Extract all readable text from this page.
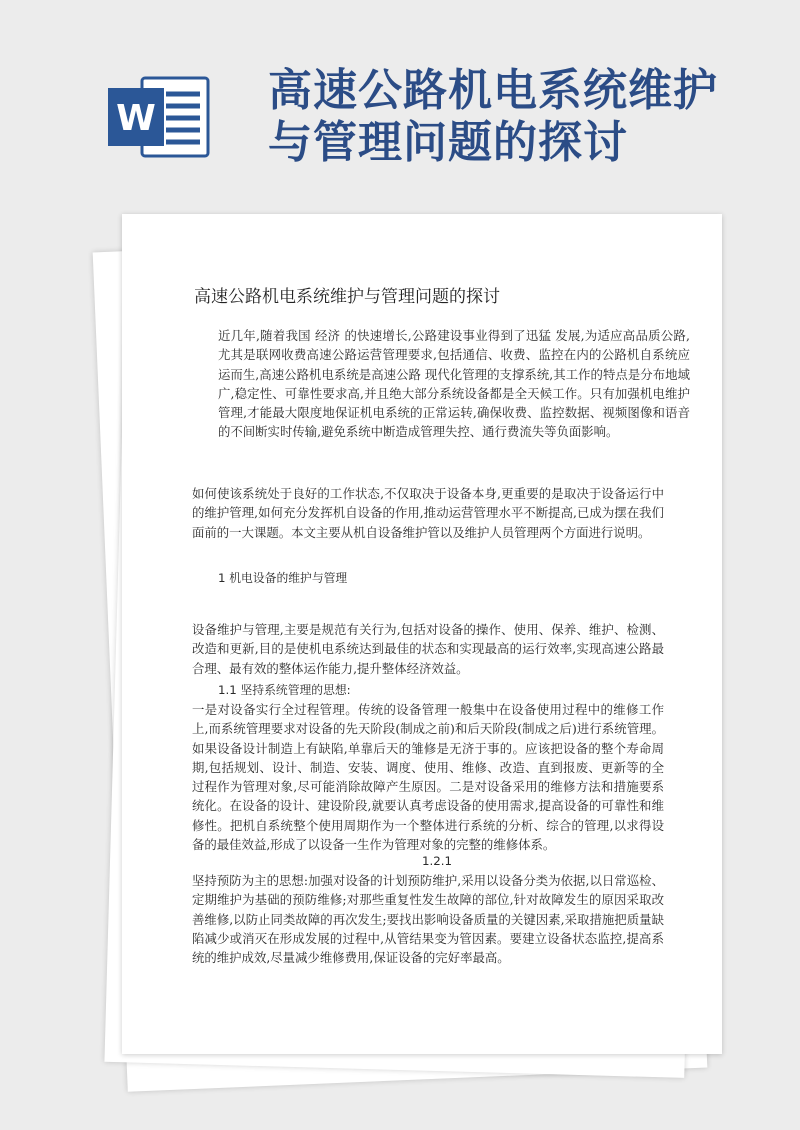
W
高速公路机电系统维护
与管理问题的探讨
高速公路机电系统维护与管理问题的探讨
近几年,随着我国 经济 的快速增长,公路建设事业得到了迅猛 发展,为适应高品质公路,尤其是联网收费高速公路运营管理要求,包括通信、收费、监控在内的公路机自系统应运而生,高速公路机电系统是高速公路 现代化管理的支撑系统,其工作的特点是分布地域广,稳定性、可靠性要求高,并且绝大部分系统设备都是全天候工作。只有加强机电维护管理,才能最大限度地保证机电系统的正常运转,确保收费、监控数据、视频图像和语音的不间断实时传输,避免系统中断造成管理失控、通行费流失等负面影响。
如何使该系统处于良好的工作状态,不仅取决于设备本身,更重要的是取决于设备运行中的维护管理,如何充分发挥机自设备的作用,推动运营管理水平不断提高,已成为摆在我们面前的一大课题。本文主要从机自设备维护管以及维护人员管理两个方面进行说明。
1 机电设备的维护与管理
设备维护与管理,主要是规范有关行为,包括对设备的操作、使用、保养、维护、检测、改造和更新,目的是使机电系统达到最佳的状态和实现最高的运行效率,实现高速公路最合理、最有效的整体运作能力,提升整体经济效益。
1.1 坚持系统管理的思想:
一是对设备实行全过程管理。传统的设备管理一般集中在设备使用过程中的维修工作上,而系统管理要求对设备的先天阶段(制成之前)和后天阶段(制成之后)进行系统管理。如果设备设计制造上有缺陷,单靠后天的雏修是无济于事的。应该把设备的整个寿命周期,包括规划、设计、制造、安装、调度、使用、维修、改造、直到报废、更新等的全过程作为管理对象,尽可能消除故障产生原因。二是对设备采用的维修方法和措施要系统化。在设备的设计、建设阶段,就要认真考虑设备的使用需求,提高设备的可靠性和维修性。把机自系统整个使用周期作为一个整体进行系统的分析、综合的管理,以求得设备的最佳效益,形成了以设备一生作为管理对象的完整的维修体系。
1.2.1
坚持预防为主的思想:加强对设备的计划预防维护,采用以设备分类为依据,以日常巡检、定期维护为基础的预防维修;对那些重复性发生故障的部位,针对故障发生的原因采取改善维修,以防止同类故障的再次发生;要找出影响设备质量的关键因素,采取措施把质量缺陷减少或消灭在形成发展的过程中,从管结果变为管因素。要建立设备状态监控,提高系统的维护成效,尽量减少维修费用,保证设备的完好率最高。
